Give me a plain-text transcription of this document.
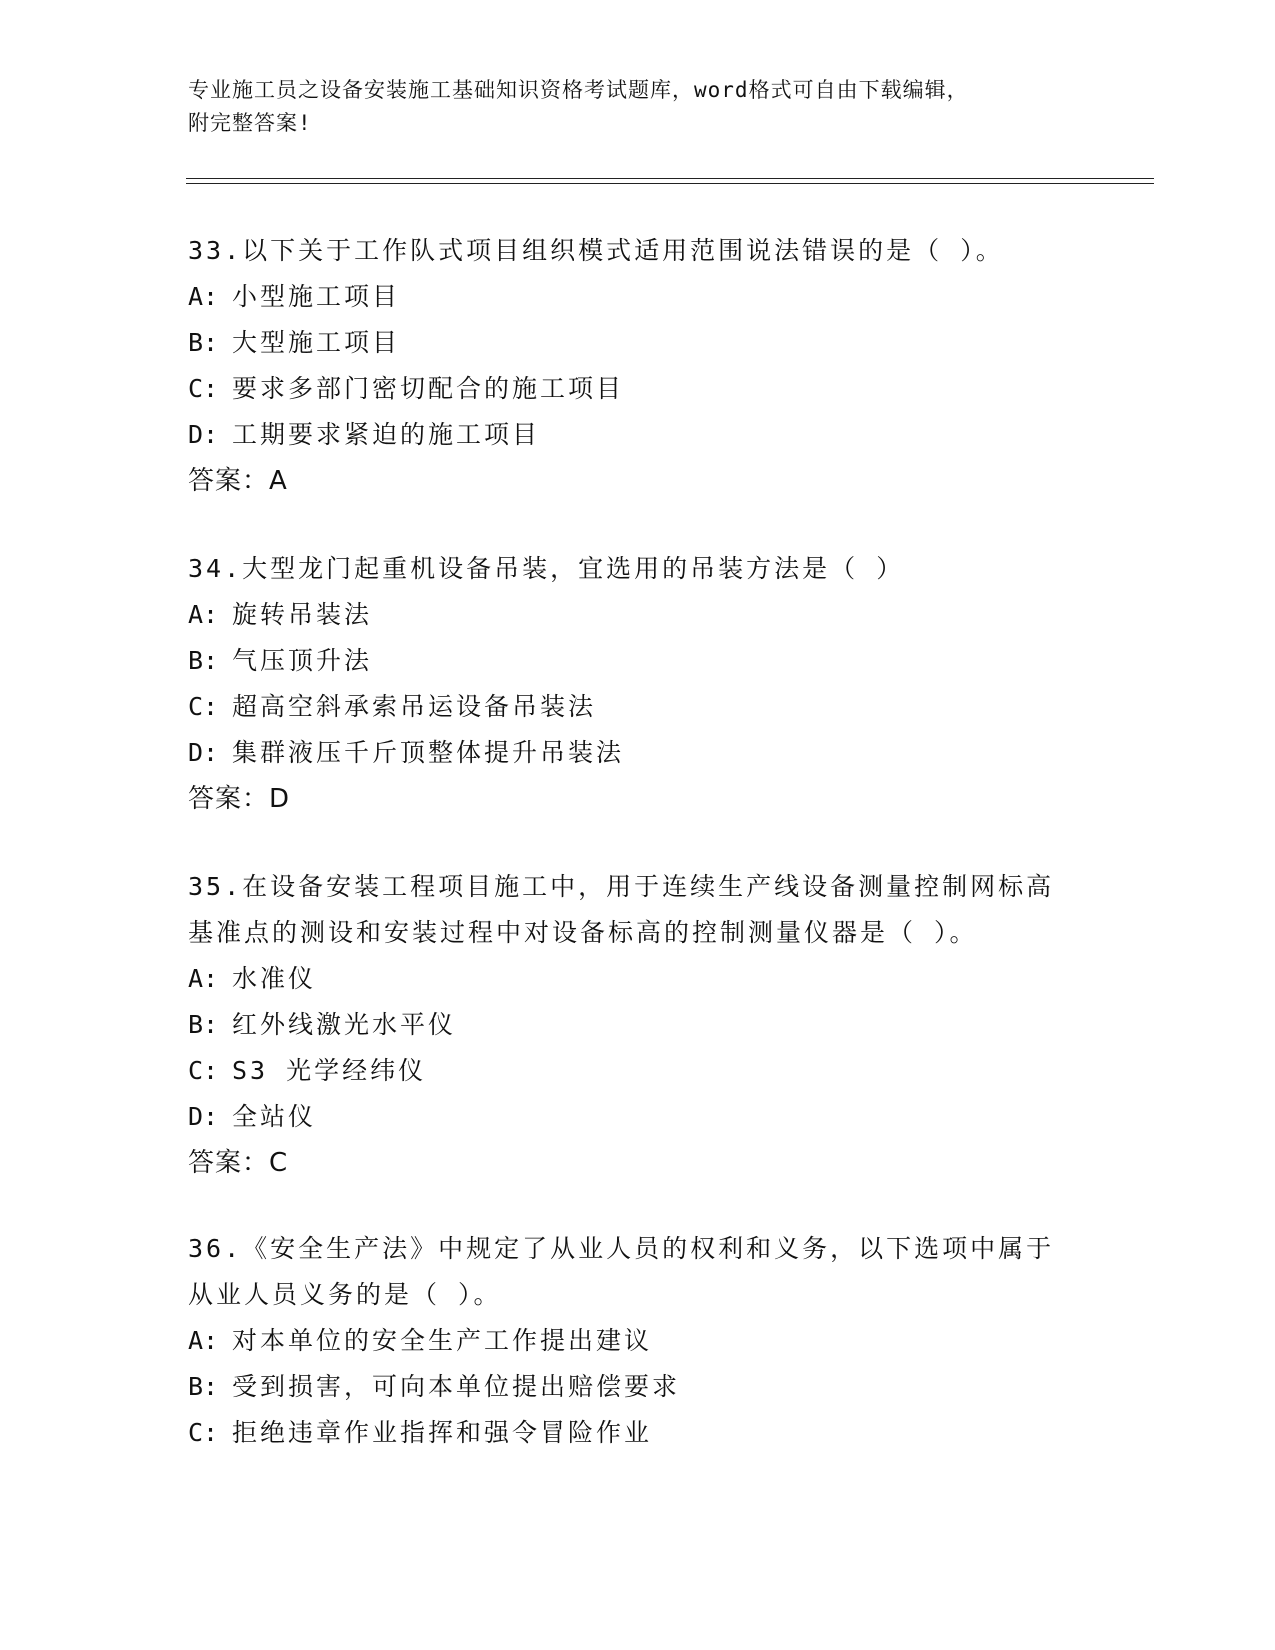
专业施工员之设备安装施工基础知识资格考试题库，word格式可自由下载编辑，
附完整答案!
33.以下关于工作队式项目组织模式适用范围说法错误的是（ ）。
A: 小型施工项目
B: 大型施工项目
C: 要求多部门密切配合的施工项目
D: 工期要求紧迫的施工项目
答案：A
34.大型龙门起重机设备吊装，宜选用的吊装方法是（ ）
A: 旋转吊装法
B: 气压顶升法
C: 超高空斜承索吊运设备吊装法
D: 集群液压千斤顶整体提升吊装法
答案：D
35.在设备安装工程项目施工中，用于连续生产线设备测量控制网标高
基准点的测设和安装过程中对设备标高的控制测量仪器是（ ）。
A: 水准仪
B: 红外线激光水平仪
C: S3 光学经纬仪
D: 全站仪
答案：C
36.《安全生产法》中规定了从业人员的权利和义务，以下选项中属于
从业人员义务的是（ ）。
A: 对本单位的安全生产工作提出建议
B: 受到损害，可向本单位提出赔偿要求
C: 拒绝违章作业指挥和强令冒险作业
